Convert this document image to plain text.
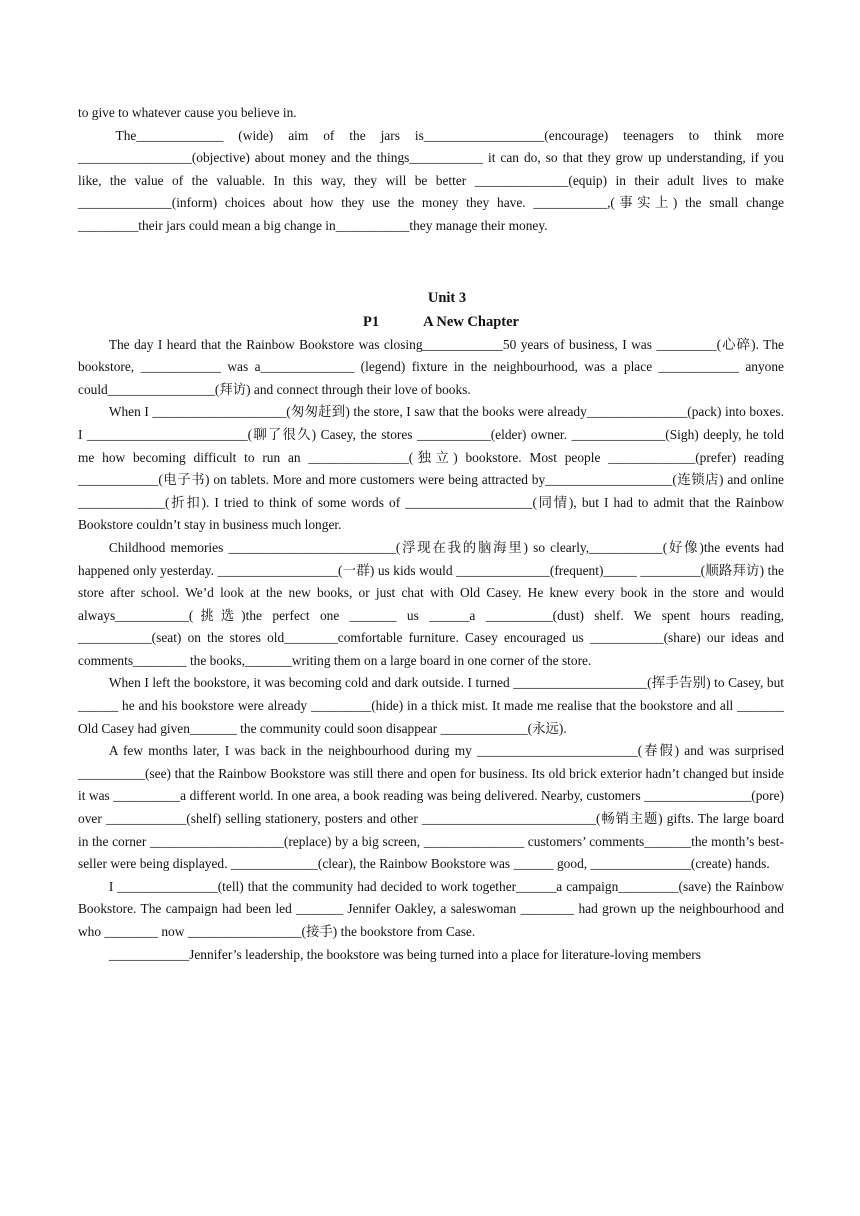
to give to whatever cause you believe in.

The_____________ (wide) aim of the jars is__________________(encourage) teenagers to think more _________________(objective) about money and the things___________ it can do, so that they grow up understanding, if you like, the value of the valuable. In this way, they will be better ______________(equip) in their adult lives to make ______________(inform) choices about how they use the money they have. ___________,(事实上) the small change _________their jars could mean a big change in___________they manage their money.

Unit 3
P1	A New Chapter

The day I heard that the Rainbow Bookstore was closing____________50 years of business, I was _________(心碎). The bookstore, ____________ was a______________ (legend) fixture in the neighbourhood, was a place ____________ anyone could________________(拜访) and connect through their love of books.

When I ____________________(匆匆赶到) the store, I saw that the books were already_______________(pack) into boxes. I ________________________(聊了很久) Casey, the stores ___________(elder) owner. ______________(Sigh) deeply, he told me how becoming difficult to run an _______________(独立) bookstore. Most people _____________(prefer) reading ____________(电子书) on tablets. More and more customers were being attracted by___________________(连锁店) and online _____________(折扣). I tried to think of some words of ___________________(同情), but I had to admit that the Rainbow Bookstore couldn’t stay in business much longer.

Childhood memories _________________________(浮现在我的脑海里) so clearly,___________(好像)the events had happened only yesterday. __________________(一群) us kids would ______________(frequent)_____ _________(顺路拜访) the store after school. We’d look at the new books, or just chat with Old Casey. He knew every book in the store and would always___________(挑选)the perfect one _______ us ______a __________(dust) shelf. We spent hours reading, ___________(seat) on the stores old________comfortable furniture. Casey encouraged us ___________(share) our ideas and comments________ the books,_______writing them on a large board in one corner of the store.

When I left the bookstore, it was becoming cold and dark outside. I turned ____________________(挥手告别) to Casey, but ______ he and his bookstore were already _________(hide) in a thick mist. It made me realise that the bookstore and all _______ Old Casey had given_______ the community could soon disappear _____________(永远).

A few months later, I was back in the neighbourhood during my ________________________(春假) and was surprised __________(see) that the Rainbow Bookstore was still there and open for business. Its old brick exterior hadn’t changed but inside it was __________a different world. In one area, a book reading was being delivered. Nearby, customers ________________(pore) over ____________(shelf) selling stationery, posters and other __________________________(畅销主题) gifts. The large board in the corner ____________________(replace) by a big screen, _______________ customers’ comments_______the month’s best-seller were being displayed. _____________(clear), the Rainbow Bookstore was ______ good, _______________(create) hands.

I _______________(tell) that the community had decided to work together______a campaign_________(save) the Rainbow Bookstore. The campaign had been led _______ Jennifer Oakley, a saleswoman ________ had grown up the neighbourhood and who ________ now _________________(接手) the bookstore from Case.

____________Jennifer’s leadership, the bookstore was being turned into a place for literature-loving members
